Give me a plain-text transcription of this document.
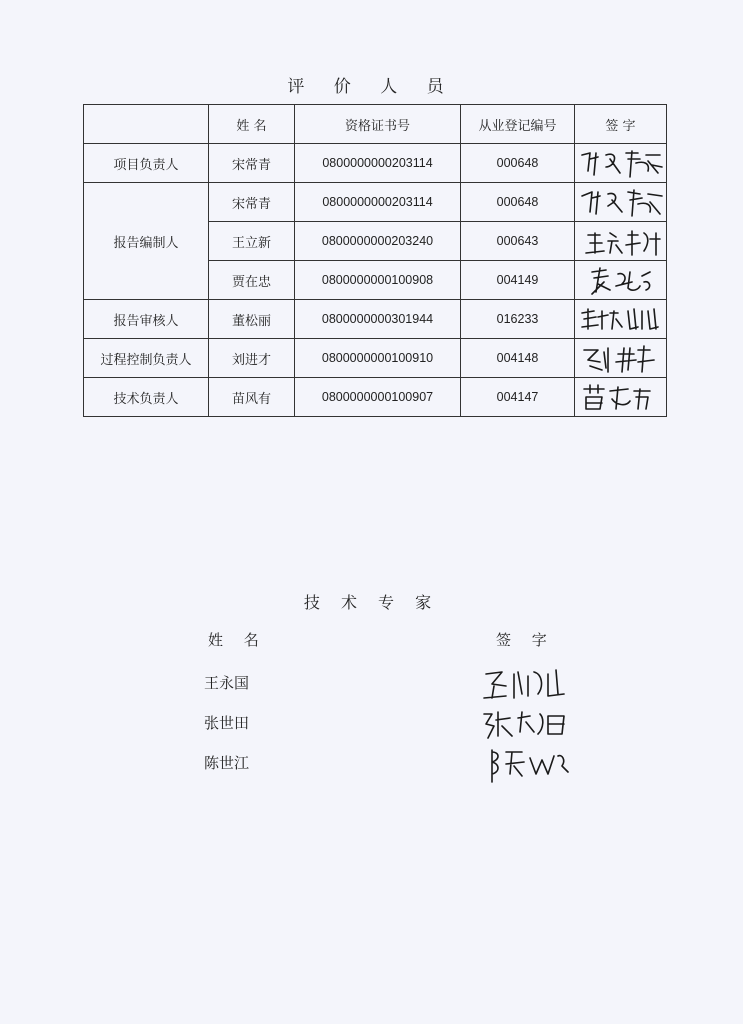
评 价 人 员
	姓 名	资格证书号	从业登记编号	签 字
项目负责人	宋常青	0800000000203114	000648	

报告编制人	宋常青	0800000000203114	000648	

	王立新	0800000000203240	000643	

	贾在忠	0800000000100908	004149	

报告审核人	董松丽	0800000000301944	016233	

过程控制负责人	刘进才	0800000000100910	004148	

技术负责人	苗风有	0800000000100907	004147	
技 术 专 家
姓 名	签 字
王永国
张世田
陈世江
